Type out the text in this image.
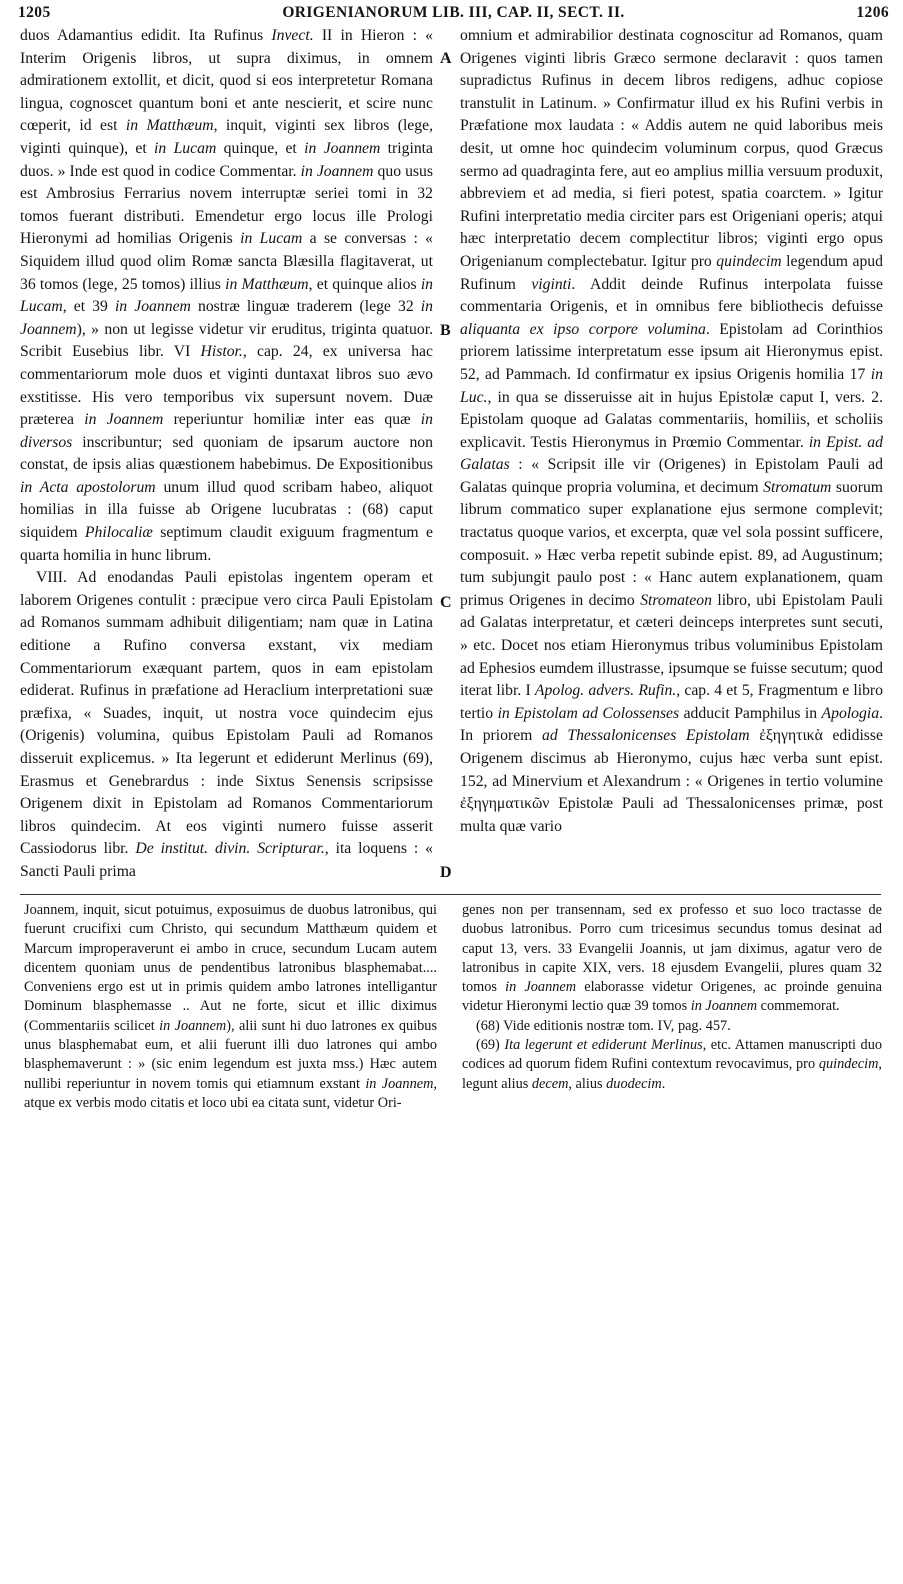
1205	ORIGENIANORUM LIB. III, CAP. II, SECT. II.	1206

duos Adamantius edidit. Ita Rufinus Invect. II in Hieron : « Interim Origenis libros, ut supra diximus, in omnem admirationem extollit, et dicit, quod si eos interpretetur Romana lingua, cognoscet quantum boni et ante nescierit, et scire nunc cœperit, id est in Matthæum, inquit, viginti sex libros (lege, viginti quinque), et in Lucam quinque, et in Joannem triginta duos. » Inde est quod in codice Commentar. in Joannem quo usus est Ambrosius Ferrarius novem interruptæ seriei tomi in 32 tomos fuerant distributi. Emendetur ergo locus ille Prologi Hieronymi ad homilias Origenis in Lucam a se conversas : « Siquidem illud quod olim Romæ sancta Blæsilla flagitaverat, ut 36 tomos (lege, 25 tomos) illius in Matthæum, et quinque alios in Lucam, et 39 in Joannem nostræ linguæ traderem (lege 32 in Joannem), » non ut legisse videtur vir eruditus, triginta quatuor. Scribit Eusebius libr. VI Histor., cap. 24, ex universa hac commentariorum mole duos et viginti duntaxat libros suo ævo exstitisse. His vero temporibus vix supersunt novem. Duæ præterea in Joannem reperiuntur homiliæ inter eas quæ in diversos inscribuntur; sed quoniam de ipsarum auctore non constat, de ipsis alias quæstionem habebimus. De Expositionibus in Acta apostolorum unum illud quod scribam habeo, aliquot homilias in illa fuisse ab Origene lucubratas : (68) caput siquidem Philocaliæ septimum claudit exiguum fragmentum e quarta homilia in hunc librum.

VIII. Ad enodandas Pauli epistolas ingentem operam et laborem Origenes contulit : præcipue vero circa Pauli Epistolam ad Romanos summam adhibuit diligentiam; nam quæ in Latina editione a Rufino conversa exstant, vix mediam Commentariorum exæquant partem, quos in eam epistolam ediderat. Rufinus in præfatione ad Heraclium interpretationi suæ præfixa, « Suades, inquit, ut nostra voce quindecim ejus (Origenis) volumina, quibus Epistolam Pauli ad Romanos disseruit explicemus. » Ita legerunt et ediderunt Merlinus (69), Erasmus et Genebrardus : inde Sixtus Senensis scripsisse Origenem dixit in Epistolam ad Romanos Commentariorum libros quindecim. At eos viginti numero fuisse asserit Cassiodorus libr. De institut. divin. Scripturar., ita loquens : « Sancti Pauli prima

omnium et admirabilior destinata cognoscitur ad Romanos, quam Origenes viginti libris Græco sermone declaravit : quos tamen supradictus Rufinus in decem libros redigens, adhuc copiose transtulit in Latinum. » Confirmatur illud ex his Rufini verbis in Præfatione mox laudata : « Addis autem ne quid laboribus meis desit, ut omne hoc quindecim voluminum corpus, quod Græcus sermo ad quadraginta fere, aut eo amplius millia versuum produxit, abbreviem et ad media, si fieri potest, spatia coarctem. » Igitur Rufini interpretatio media circiter pars est Origeniani operis; atqui hæc interpretatio decem complectitur libros; viginti ergo opus Origenianum complectebatur. Igitur pro quindecim legendum apud Rufinum viginti. Addit deinde Rufinus interpolata fuisse commentaria Origenis, et in omnibus fere bibliothecis defuisse aliquanta ex ipso corpore volumina. Epistolam ad Corinthios priorem latissime interpretatum esse ipsum ait Hieronymus epist. 52, ad Pammach. Id confirmatur ex ipsius Origenis homilia 17 in Luc., in qua se disseruisse ait in hujus Epistolæ caput I, vers. 2. Epistolam quoque ad Galatas commentariis, homiliis, et scholiis explicavit. Testis Hieronymus in Prœmio Commentar. in Epist. ad Galatas : « Scripsit ille vir (Origenes) in Epistolam Pauli ad Galatas quinque propria volumina, et decimum Stromatum suorum librum commatico super explanatione ejus sermone complevit; tractatus quoque varios, et excerpta, quæ vel sola possint sufficere, composuit. » Hæc verba repetit subinde epist. 89, ad Augustinum; tum subjungit paulo post : « Hanc autem explanationem, quam primus Origenes in decimo Stromateon libro, ubi Epistolam Pauli ad Galatas interpretatur, et cæteri deinceps interpretes sunt secuti, » etc. Docet nos etiam Hieronymus tribus voluminibus Epistolam ad Ephesios eumdem illustrasse, ipsumque se fuisse secutum; quod iterat libr. I Apolog. advers. Rufin., cap. 4 et 5, Fragmentum e libro tertio in Epistolam ad Colossenses adducit Pamphilus in Apologia. In priorem ad Thessalonicenses Epistolam ἐξηγητικὰ edidisse Origenem discimus ab Hieronymo, cujus hæc verba sunt epist. 152, ad Minervium et Alexandrum : « Origenes in tertio volumine ἐξηγηματικῶν Epistolæ Pauli ad Thessalonicenses primæ, post multa quæ vario

A
B
C
D

Joannem, inquit, sicut potuimus, exposuimus de duobus latronibus, qui fuerunt crucifixi cum Christo, qui secundum Matthæum quidem et Marcum improperaverunt ei ambo in cruce, secundum Lucam autem dicentem quoniam unus de pendentibus latronibus blasphemabat.... Conveniens ergo est ut in primis quidem ambo latrones intelligantur Dominum blasphemasse .. Aut ne forte, sicut et illic diximus (Commentariis scilicet in Joannem), alii sunt hi duo latrones ex quibus unus blasphemabat eum, et alii fuerunt illi duo latrones qui ambo blasphemaverunt : » (sic enim legendum est juxta mss.) Hæc autem nullibi reperiuntur in novem tomis qui etiamnum exstant in Joannem, atque ex verbis modo citatis et loco ubi ea citata sunt, videtur Ori-

genes non per transennam, sed ex professo et suo loco tractasse de duobus latronibus. Porro cum tricesimus secundus tomus desinat ad caput 13, vers. 33 Evangelii Joannis, ut jam diximus, agatur vero de latronibus in capite XIX, vers. 18 ejusdem Evangelii, plures quam 32 tomos in Joannem elaborasse videtur Origenes, ac proinde genuina videtur Hieronymi lectio quæ 39 tomos in Joannem commemorat.

(68) Vide editionis nostræ tom. IV, pag. 457.

(69) Ita legerunt et ediderunt Merlinus, etc. Attamen manuscripti duo codices ad quorum fidem Rufini contextum revocavimus, pro quindecim, legunt alius decem, alius duodecim.
